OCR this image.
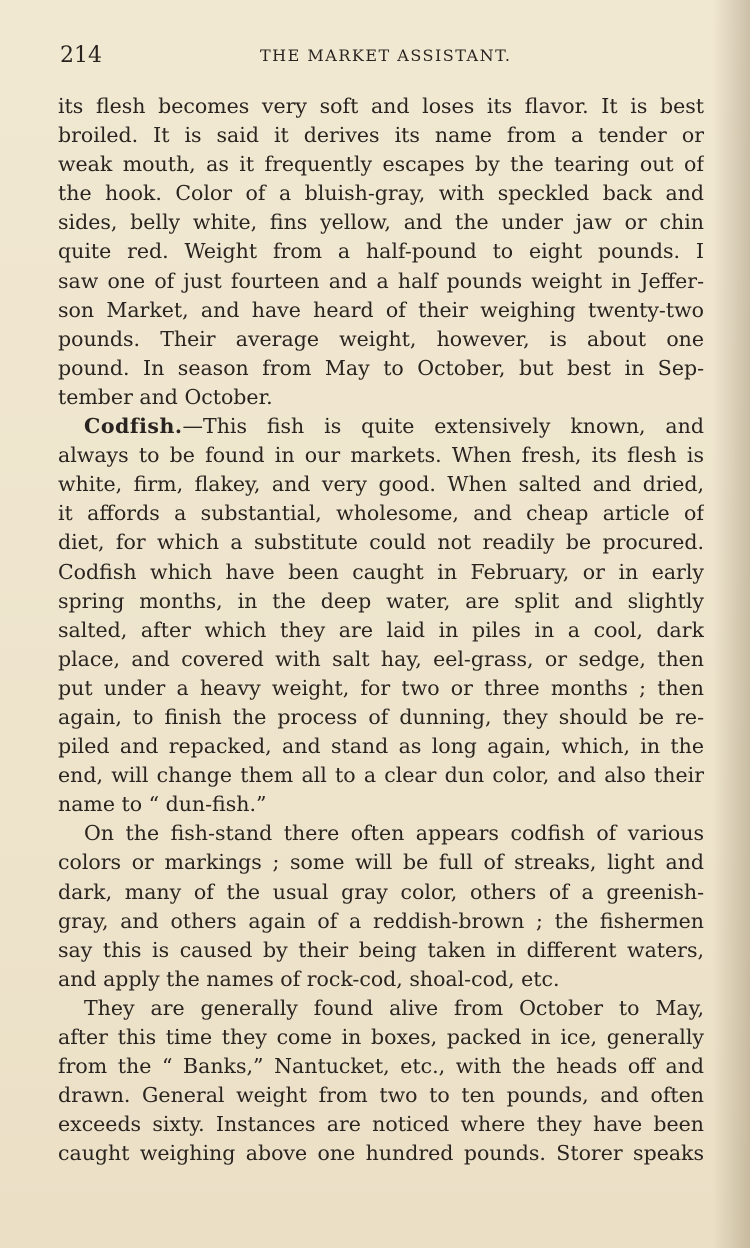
214	THE MARKET ASSISTANT.
its flesh becomes very soft and loses its flavor. It is best
broiled. It is said it derives its name from a tender or
weak mouth, as it frequently escapes by the tearing out of
the hook. Color of a bluish-gray, with speckled back and
sides, belly white, fins yellow, and the under jaw or chin
quite red. Weight from a half-pound to eight pounds. I
saw one of just fourteen and a half pounds weight in Jeffer-
son Market, and have heard of their weighing twenty-two
pounds. Their average weight, however, is about one
pound. In season from May to October, but best in Sep-
tember and October.
Codfish.—This fish is quite extensively known, and
always to be found in our markets. When fresh, its flesh is
white, firm, flakey, and very good. When salted and dried,
it affords a substantial, wholesome, and cheap article of
diet, for which a substitute could not readily be procured.
Codfish which have been caught in February, or in early
spring months, in the deep water, are split and slightly
salted, after which they are laid in piles in a cool, dark
place, and covered with salt hay, eel-grass, or sedge, then
put under a heavy weight, for two or three months ; then
again, to finish the process of dunning, they should be re-
piled and repacked, and stand as long again, which, in the
end, will change them all to a clear dun color, and also their
name to “ dun-fish.”
On the fish-stand there often appears codfish of various
colors or markings ; some will be full of streaks, light and
dark, many of the usual gray color, others of a greenish-
gray, and others again of a reddish-brown ; the fishermen
say this is caused by their being taken in different waters,
and apply the names of rock-cod, shoal-cod, etc.
They are generally found alive from October to May,
after this time they come in boxes, packed in ice, generally
from the “ Banks,” Nantucket, etc., with the heads off and
drawn. General weight from two to ten pounds, and often
exceeds sixty. Instances are noticed where they have been
caught weighing above one hundred pounds. Storer speaks
